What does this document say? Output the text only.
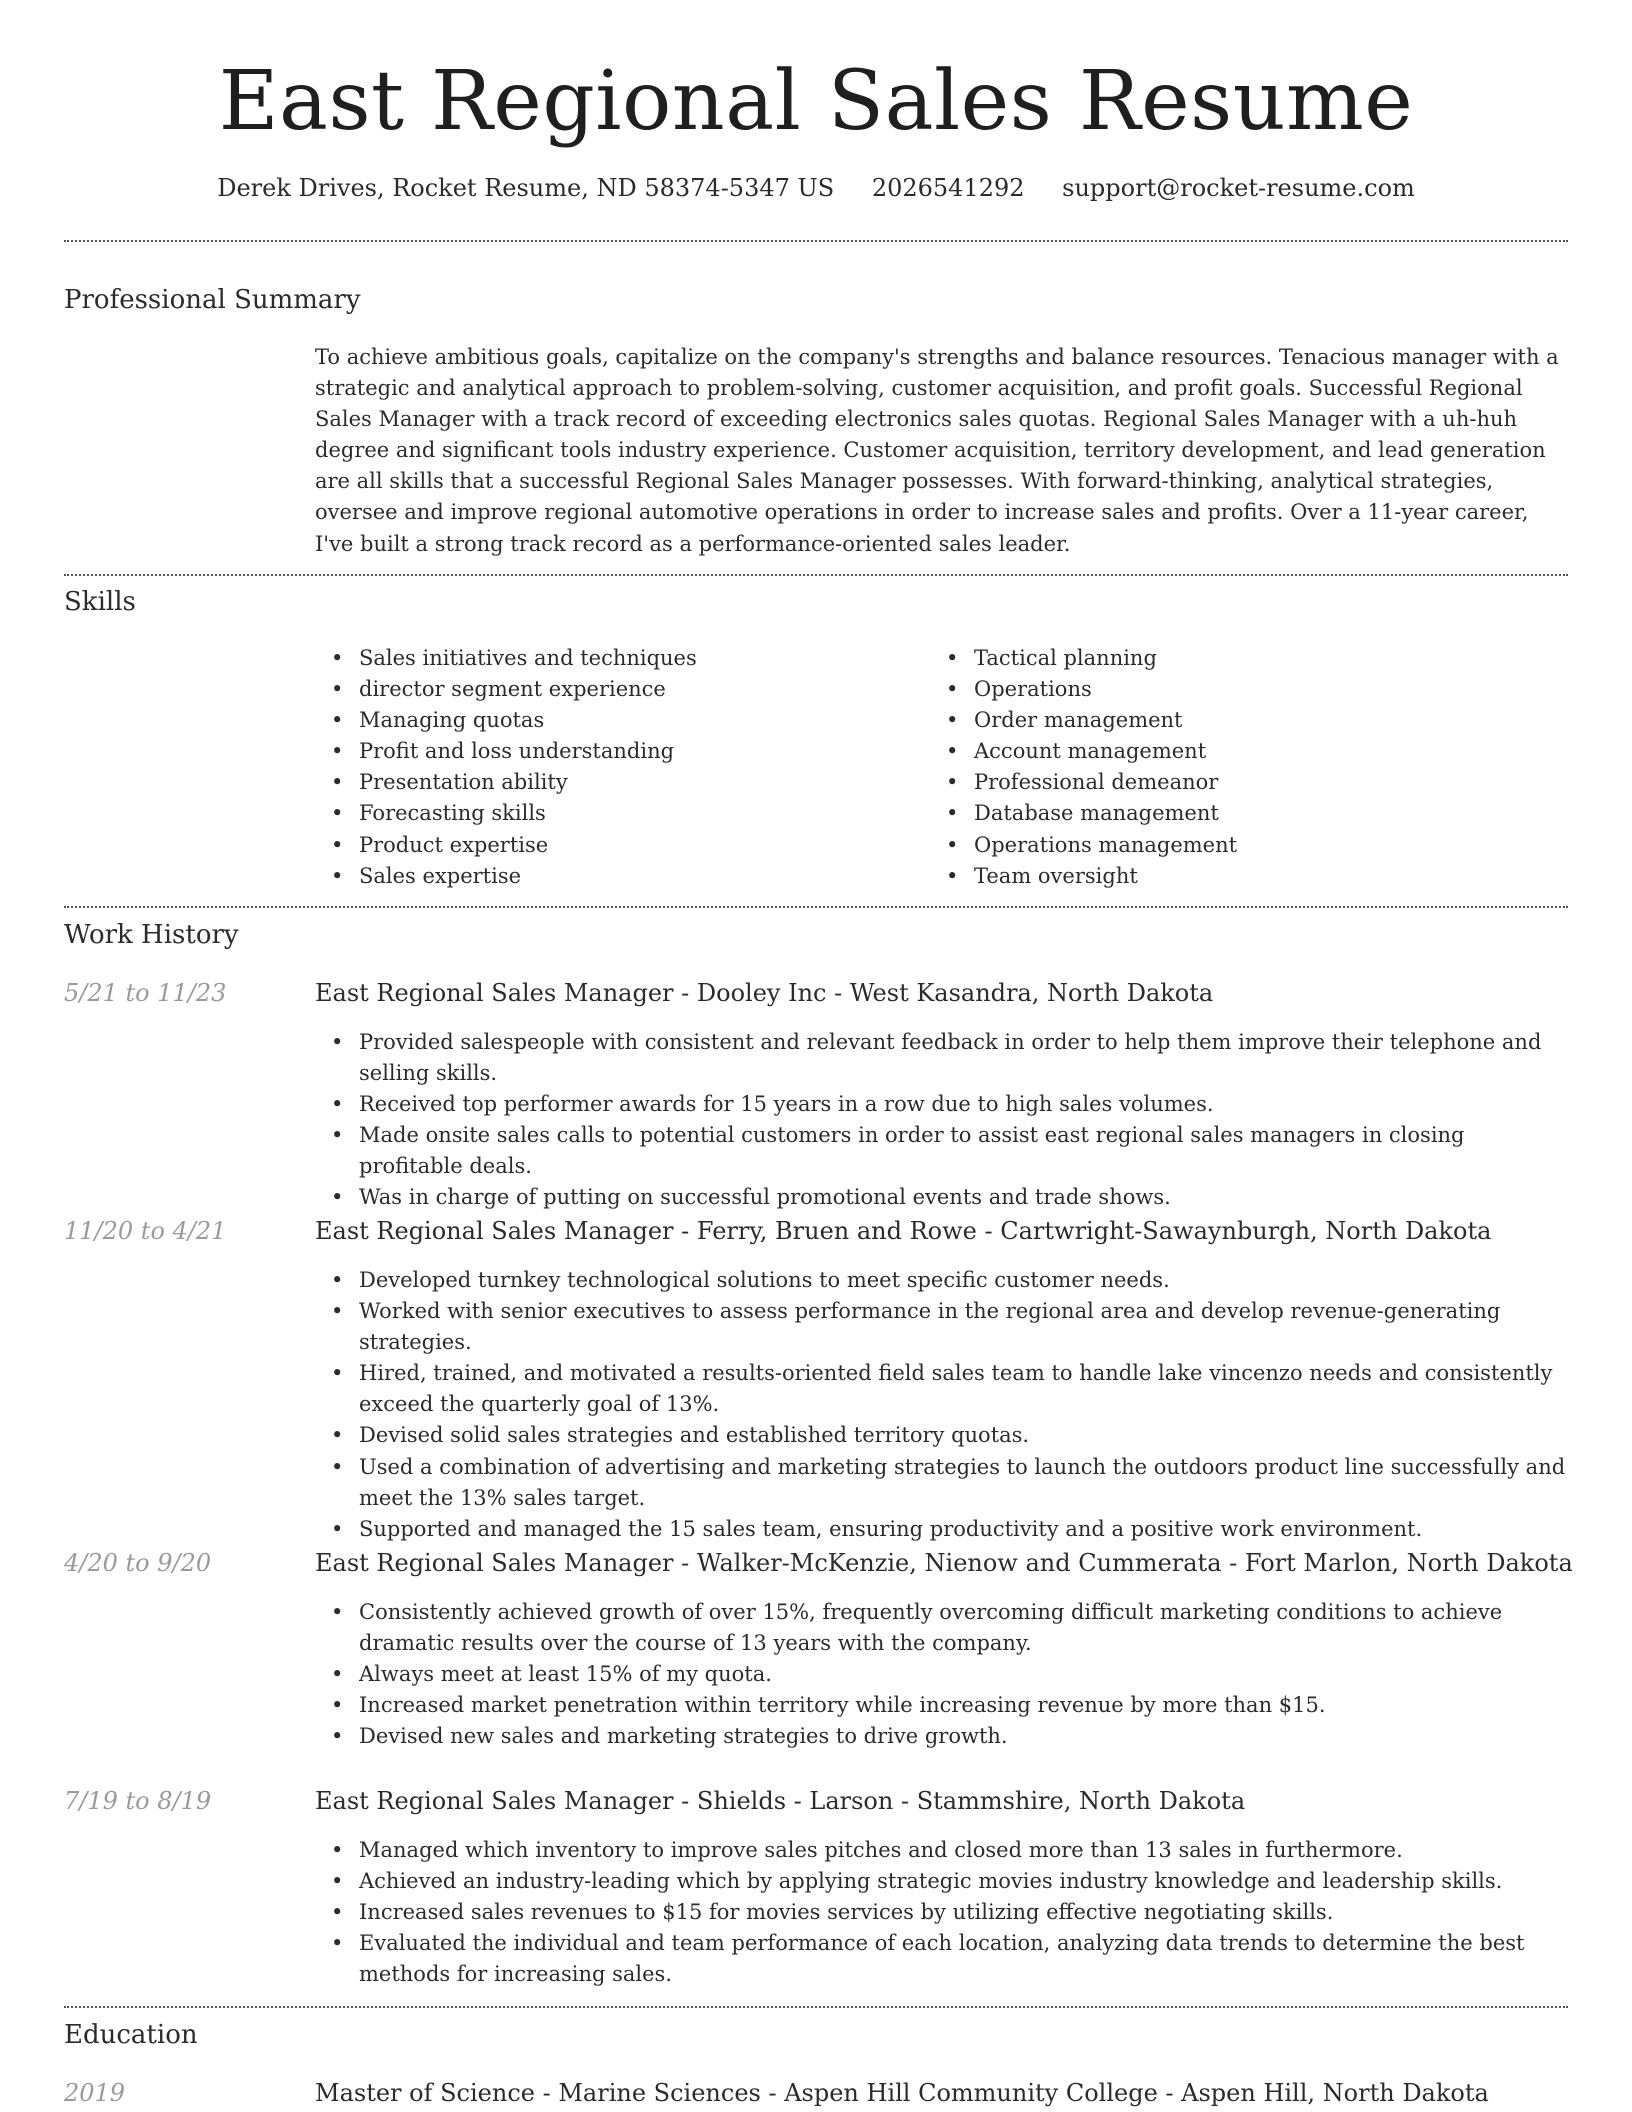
East Regional Sales Resume
Derek Drives, Rocket Resume, ND 58374-5347 US 2026541292 support@rocket-resume.com
Professional Summary
To achieve ambitious goals, capitalize on the company's strengths and balance resources. Tenacious manager with a strategic and analytical approach to problem-solving, customer acquisition, and profit goals. Successful Regional Sales Manager with a track record of exceeding electronics sales quotas. Regional Sales Manager with a uh-huh degree and significant tools industry experience. Customer acquisition, territory development, and lead generation are all skills that a successful Regional Sales Manager possesses. With forward-thinking, analytical strategies, oversee and improve regional automotive operations in order to increase sales and profits. Over a 11-year career, I've built a strong track record as a performance-oriented sales leader.
Skills
• Sales initiatives and techniques
• director segment experience
• Managing quotas
• Profit and loss understanding
• Presentation ability
• Forecasting skills
• Product expertise
• Sales expertise
• Tactical planning
• Operations
• Order management
• Account management
• Professional demeanor
• Database management
• Operations management
• Team oversight
Work History
5/21 to 11/23	East Regional Sales Manager - Dooley Inc - West Kasandra, North Dakota
• Provided salespeople with consistent and relevant feedback in order to help them improve their telephone and selling skills.
• Received top performer awards for 15 years in a row due to high sales volumes.
• Made onsite sales calls to potential customers in order to assist east regional sales managers in closing profitable deals.
• Was in charge of putting on successful promotional events and trade shows.
11/20 to 4/21	East Regional Sales Manager - Ferry, Bruen and Rowe - Cartwright-Sawaynburgh, North Dakota
• Developed turnkey technological solutions to meet specific customer needs.
• Worked with senior executives to assess performance in the regional area and develop revenue-generating strategies.
• Hired, trained, and motivated a results-oriented field sales team to handle lake vincenzo needs and consistently exceed the quarterly goal of 13%.
• Devised solid sales strategies and established territory quotas.
• Used a combination of advertising and marketing strategies to launch the outdoors product line successfully and meet the 13% sales target.
• Supported and managed the 15 sales team, ensuring productivity and a positive work environment.
4/20 to 9/20	East Regional Sales Manager - Walker-McKenzie, Nienow and Cummerata - Fort Marlon, North Dakota
• Consistently achieved growth of over 15%, frequently overcoming difficult marketing conditions to achieve dramatic results over the course of 13 years with the company.
• Always meet at least 15% of my quota.
• Increased market penetration within territory while increasing revenue by more than $15.
• Devised new sales and marketing strategies to drive growth.
7/19 to 8/19	East Regional Sales Manager - Shields - Larson - Stammshire, North Dakota
• Managed which inventory to improve sales pitches and closed more than 13 sales in furthermore.
• Achieved an industry-leading which by applying strategic movies industry knowledge and leadership skills.
• Increased sales revenues to $15 for movies services by utilizing effective negotiating skills.
• Evaluated the individual and team performance of each location, analyzing data trends to determine the best methods for increasing sales.
Education
2019	Master of Science - Marine Sciences - Aspen Hill Community College - Aspen Hill, North Dakota
